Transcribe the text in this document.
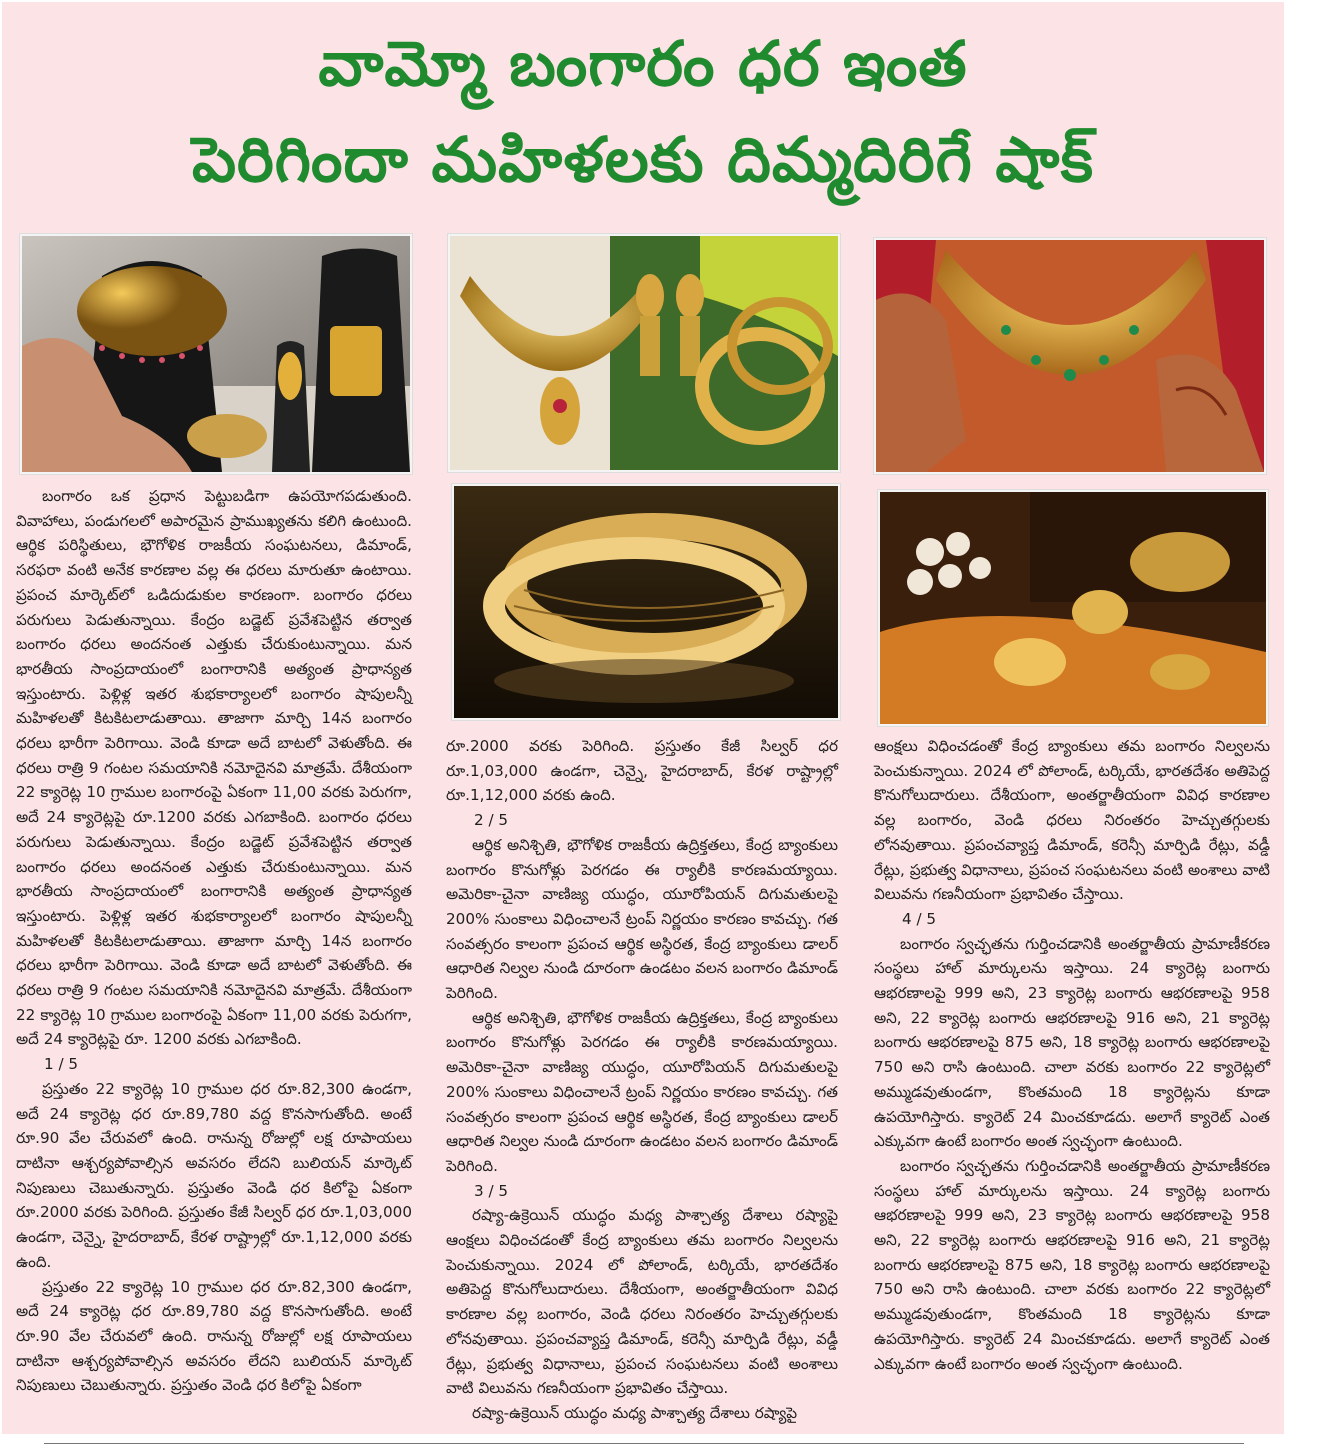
వామ్మో బంగారం ధర ఇంత
పెరిగిందా మహిళలకు దిమ్మదిరిగే షాక్

బంగారం ఒక ప్రధాన పెట్టుబడిగా ఉపయోగపడుతుంది. వివాహాలు, పండుగలలో అపారమైన ప్రాముఖ్యతను కలిగి ఉంటుంది. ఆర్థిక పరిస్థితులు, భౌగోళిక రాజకీయ సంఘటనలు, డిమాండ్, సరఫరా వంటి అనేక కారణాల వల్ల ఈ ధరలు మారుతూ ఉంటాయి. ప్రపంచ మార్కెట్‌లో ఒడిదుడుకుల కారణంగా. బంగారం ధరలు పరుగులు పెడుతున్నాయి. కేంద్రం బడ్జెట్ ప్రవేశపెట్టిన తర్వాత బంగారం ధరలు అందనంత ఎత్తుకు చేరుకుంటున్నాయి. మన భారతీయ సాంప్రదాయంలో బంగారానికి అత్యంత ప్రాధాన్యత ఇస్తుంటారు. పెళ్లిళ్ల ఇతర శుభకార్యాలలో బంగారం షాపులన్నీ మహిళలతో కిటకిటలాడుతాయి. తాజాగా మార్చి 14న బంగారం ధరలు భారీగా పెరిగాయి. వెండి కూడా అదే బాటలో వెళుతోంది. ఈ ధరలు రాత్రి 9 గంటల సమయానికి నమోదైనవి మాత్రమే. దేశీయంగా 22 క్యారెట్ల 10 గ్రాముల బంగారంపై ఏకంగా 11,00 వరకు పెరుగగా, అదే 24 క్యారెట్లపై రూ.1200 వరకు ఎగబాకింది. బంగారం ధరలు పరుగులు పెడుతున్నాయి. కేంద్రం బడ్జెట్ ప్రవేశపెట్టిన తర్వాత బంగారం ధరలు అందనంత ఎత్తుకు చేరుకుంటున్నాయి. మన భారతీయ సాంప్రదాయంలో బంగారానికి అత్యంత ప్రాధాన్యత ఇస్తుంటారు. పెళ్లిళ్ల ఇతర శుభకార్యాలలో బంగారం షాపులన్నీ మహిళలతో కిటకిటలాడుతాయి. తాజాగా మార్చి 14న బంగారం ధరలు భారీగా పెరిగాయి. వెండి కూడా అదే బాటలో వెళుతోంది. ఈ ధరలు రాత్రి 9 గంటల సమయానికి నమోదైనవి మాత్రమే. దేశీయంగా 22 క్యారెట్ల 10 గ్రాముల బంగారంపై ఏకంగా 11,00 వరకు పెరుగగా, అదే 24 క్యారెట్లపై రూ. 1200 వరకు ఎగబాకింది.

1 / 5

ప్రస్తుతం 22 క్యారెట్ల 10 గ్రాముల ధర రూ.82,300 ఉండగా, అదే 24 క్యారెట్ల ధర రూ.89,780 వద్ద కొనసాగుతోంది. అంటే రూ.90 వేల చేరువలో ఉంది. రానున్న రోజుల్లో లక్ష రూపాయలు దాటినా ఆశ్చర్యపోవాల్సిన అవసరం లేదని బులియన్ మార్కెట్ నిపుణులు చెబుతున్నారు. ప్రస్తుతం వెండి ధర కిలోపై ఏకంగా రూ.2000 వరకు పెరిగింది. ప్రస్తుతం కేజీ సిల్వర్ ధర రూ.1,03,000 ఉండగా, చెన్నై, హైదరాబాద్, కేరళ రాష్ట్రాల్లో రూ.1,12,000 వరకు ఉంది.

ప్రస్తుతం 22 క్యారెట్ల 10 గ్రాముల ధర రూ.82,300 ఉండగా, అదే 24 క్యారెట్ల ధర రూ.89,780 వద్ద కొనసాగుతోంది. అంటే రూ.90 వేల చేరువలో ఉంది. రానున్న రోజుల్లో లక్ష రూపాయలు దాటినా ఆశ్చర్యపోవాల్సిన అవసరం లేదని బులియన్ మార్కెట్ నిపుణులు చెబుతున్నారు. ప్రస్తుతం వెండి ధర కిలోపై ఏకంగా

రూ.2000 వరకు పెరిగింది. ప్రస్తుతం కేజీ సిల్వర్ ధర రూ.1,03,000 ఉండగా, చెన్నై, హైదరాబాద్, కేరళ రాష్ట్రాల్లో రూ.1,12,000 వరకు ఉంది.

2 / 5

ఆర్థిక అనిశ్చితి, భౌగోళిక రాజకీయ ఉద్రిక్తతలు, కేంద్ర బ్యాంకులు బంగారం కొనుగోళ్లు పెరగడం ఈ ర్యాలీకి కారణమయ్యాయి. అమెరికా-చైనా వాణిజ్య యుద్ధం, యూరోపియన్ దిగుమతులపై 200% సుంకాలు విధించాలనే ట్రంప్ నిర్ణయం కారణం కావచ్చు. గత సంవత్సరం కాలంగా ప్రపంచ ఆర్థిక అస్థిరత, కేంద్ర బ్యాంకులు డాలర్ ఆధారిత నిల్వల నుండి దూరంగా ఉండటం వలన బంగారం డిమాండ్ పెరిగింది.

ఆర్థిక అనిశ్చితి, భౌగోళిక రాజకీయ ఉద్రిక్తతలు, కేంద్ర బ్యాంకులు బంగారం కొనుగోళ్లు పెరగడం ఈ ర్యాలీకి కారణమయ్యాయి. అమెరికా-చైనా వాణిజ్య యుద్ధం, యూరోపియన్ దిగుమతులపై 200% సుంకాలు విధించాలనే ట్రంప్ నిర్ణయం కారణం కావచ్చు. గత సంవత్సరం కాలంగా ప్రపంచ ఆర్థిక అస్థిరత, కేంద్ర బ్యాంకులు డాలర్ ఆధారిత నిల్వల నుండి దూరంగా ఉండటం వలన బంగారం డిమాండ్ పెరిగింది.

3 / 5

రష్యా-ఉక్రెయిన్ యుద్ధం మధ్య పాశ్చాత్య దేశాలు రష్యాపై ఆంక్షలు విధించడంతో కేంద్ర బ్యాంకులు తమ బంగారం నిల్వలను పెంచుకున్నాయి. 2024 లో పోలాండ్, టర్కియే, భారతదేశం అతిపెద్ద కొనుగోలుదారులు. దేశీయంగా, అంతర్జాతీయంగా వివిధ కారణాల వల్ల బంగారం, వెండి ధరలు నిరంతరం హెచ్చుతగ్గులకు లోనవుతాయి. ప్రపంచవ్యాప్త డిమాండ్, కరెన్సీ మార్పిడి రేట్లు, వడ్డీ రేట్లు, ప్రభుత్వ విధానాలు, ప్రపంచ సంఘటనలు వంటి అంశాలు వాటి విలువను గణనీయంగా ప్రభావితం చేస్తాయి.

రష్యా-ఉక్రెయిన్ యుద్ధం మధ్య పాశ్చాత్య దేశాలు రష్యాపై

ఆంక్షలు విధించడంతో కేంద్ర బ్యాంకులు తమ బంగారం నిల్వలను పెంచుకున్నాయి. 2024 లో పోలాండ్, టర్కియే, భారతదేశం అతిపెద్ద కొనుగోలుదారులు. దేశీయంగా, అంతర్జాతీయంగా వివిధ కారణాల వల్ల బంగారం, వెండి ధరలు నిరంతరం హెచ్చుతగ్గులకు లోనవుతాయి. ప్రపంచవ్యాప్త డిమాండ్, కరెన్సీ మార్పిడి రేట్లు, వడ్డీ రేట్లు, ప్రభుత్వ విధానాలు, ప్రపంచ సంఘటనలు వంటి అంశాలు వాటి విలువను గణనీయంగా ప్రభావితం చేస్తాయి.

4 / 5

బంగారం స్వచ్ఛతను గుర్తించడానికి అంతర్జాతీయ ప్రామాణీకరణ సంస్థలు హాల్ మార్కులను ఇస్తాయి. 24 క్యారెట్ల బంగారు ఆభరణాలపై 999 అని, 23 క్యారెట్ల బంగారు ఆభరణాలపై 958 అని, 22 క్యారెట్ల బంగారు ఆభరణాలపై 916 అని, 21 క్యారెట్ల బంగారు ఆభరణాలపై 875 అని, 18 క్యారెట్ల బంగారు ఆభరణాలపై 750 అని రాసి ఉంటుంది. చాలా వరకు బంగారం 22 క్యారెట్లలో అమ్ముడవుతుండగా, కొంతమంది 18 క్యారెట్లను కూడా ఉపయోగిస్తారు. క్యారెట్ 24 మించకూడదు. అలాగే క్యారెట్ ఎంత ఎక్కువగా ఉంటే బంగారం అంత స్వచ్ఛంగా ఉంటుంది.

బంగారం స్వచ్ఛతను గుర్తించడానికి అంతర్జాతీయ ప్రామాణీకరణ సంస్థలు హాల్ మార్కులను ఇస్తాయి. 24 క్యారెట్ల బంగారు ఆభరణాలపై 999 అని, 23 క్యారెట్ల బంగారు ఆభరణాలపై 958 అని, 22 క్యారెట్ల బంగారు ఆభరణాలపై 916 అని, 21 క్యారెట్ల బంగారు ఆభరణాలపై 875 అని, 18 క్యారెట్ల బంగారు ఆభరణాలపై 750 అని రాసి ఉంటుంది. చాలా వరకు బంగారం 22 క్యారెట్లలో అమ్ముడవుతుండగా, కొంతమంది 18 క్యారెట్లను కూడా ఉపయోగిస్తారు. క్యారెట్ 24 మించకూడదు. అలాగే క్యారెట్ ఎంత ఎక్కువగా ఉంటే బంగారం అంత స్వచ్ఛంగా ఉంటుంది.
